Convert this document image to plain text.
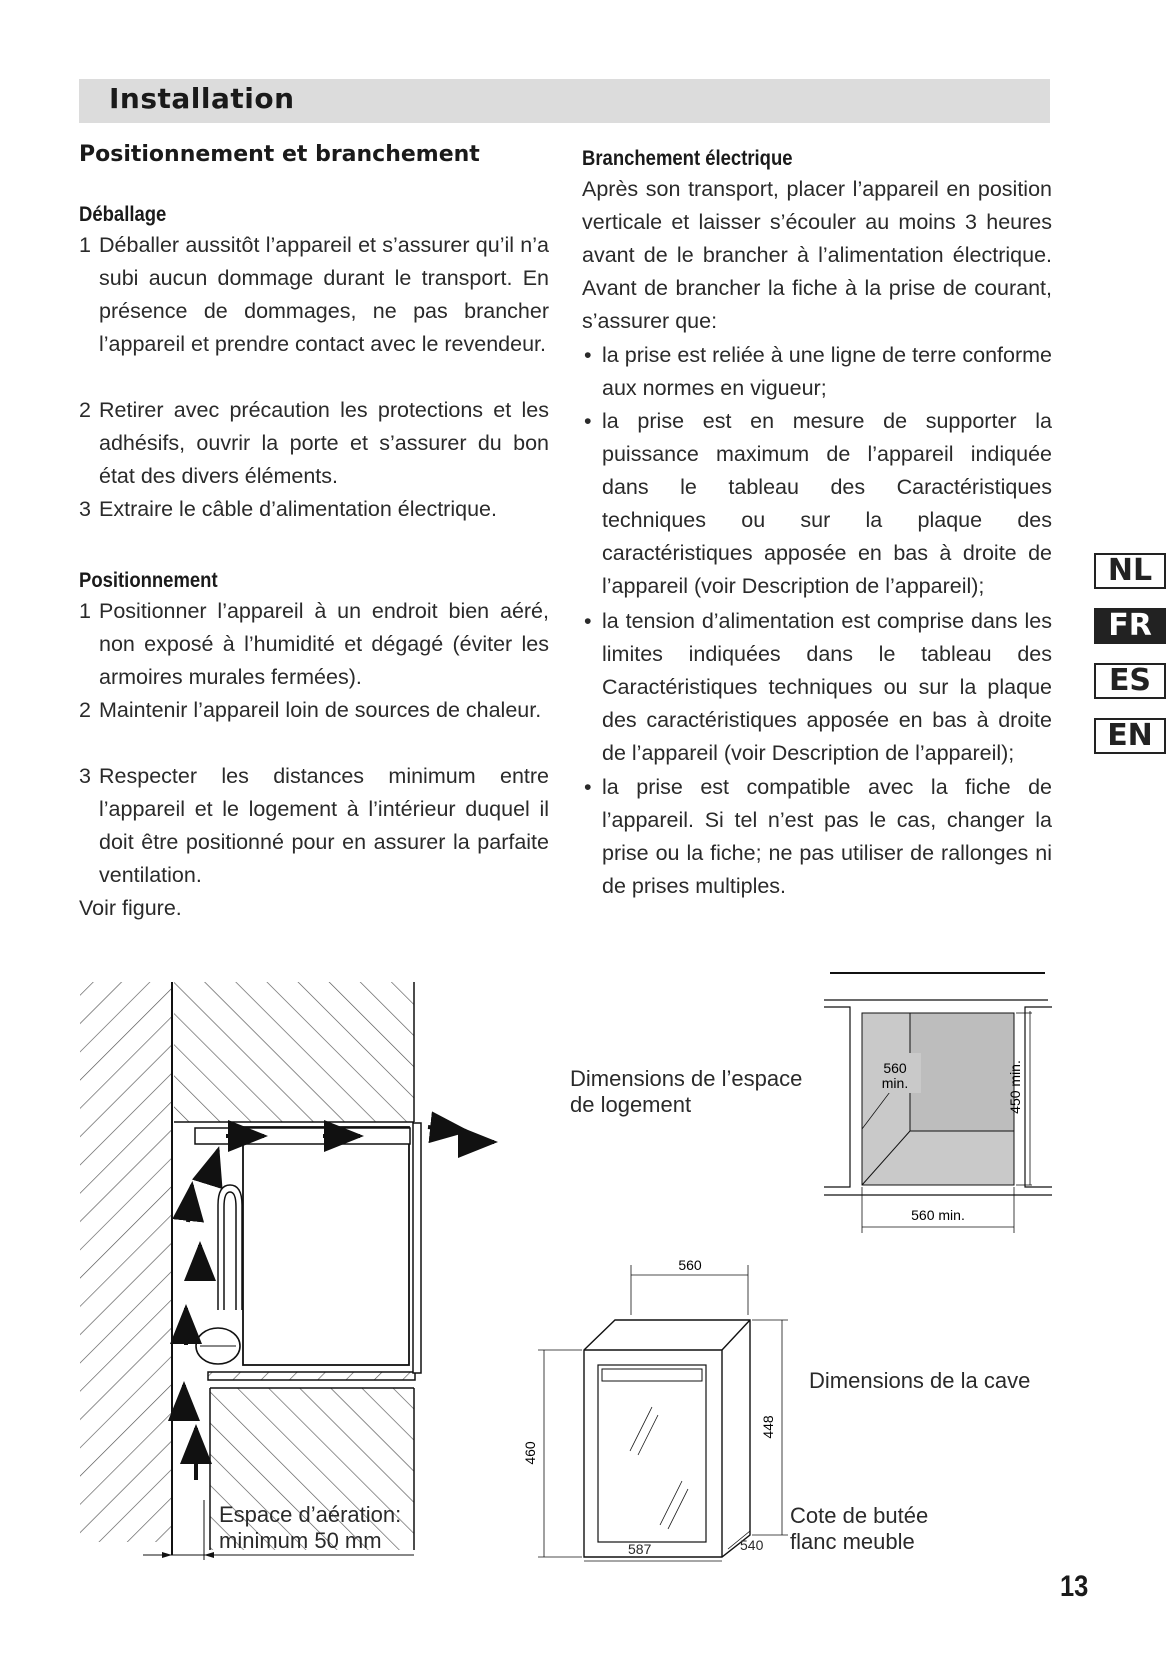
Installation
Positionnement et branchement
Déballage
1 Déballer aussitôt l’appareil et s’assurer qu’il n’a subi aucun dommage durant le transport. En présence de dommages, ne pas brancher l’appareil et prendre contact avec le revendeur.
2 Retirer avec précaution les protections et les adhésifs, ouvrir la porte et s’assurer du bon état des divers éléments.
3 Extraire le câble d’alimentation électrique.
Positionnement
1 Positionner l’appareil à un endroit bien aéré, non exposé à l’humidité et dégagé (éviter les armoires murales fermées).
2 Maintenir l’appareil loin de sources de chaleur.
3 Respecter les distances minimum entre l’appareil et le logement à l’intérieur duquel il doit être positionné pour en assurer la parfaite ventilation.
Voir figure.
Branchement électrique
Après son transport, placer l’appareil en position verticale et laisser s’écouler au moins 3 heures avant de le brancher à l’alimentation électrique. Avant de brancher la fiche à la prise de courant, s’assurer que:
• la prise est reliée à une ligne de terre conforme aux normes en vigueur;
• la prise est en mesure de supporter la puissance maximum de l’appareil indiquée dans le tableau des Caractéristiques techniques ou sur la plaque des caractéristiques apposée en bas à droite de l’appareil (voir Description de l’appareil);
• la tension d’alimentation est comprise dans les limites indiquées dans le tableau des Caractéristiques techniques ou sur la plaque des caractéristiques apposée en bas à droite de l’appareil (voir Description de l’appareil);
• la prise est compatible avec la fiche de l’appareil. Si tel n’est pas le cas, changer la prise ou la fiche; ne pas utiliser de rallonges ni de prises multiples.
NL
FR
ES
EN
Espace d’aération:
minimum 50 mm
560
min.	450 min.
560 min.
Dimensions de l’espace
de logement
560
460
448
Dimensions de la cave
587	540
Cote de butée
flanc meuble
13
